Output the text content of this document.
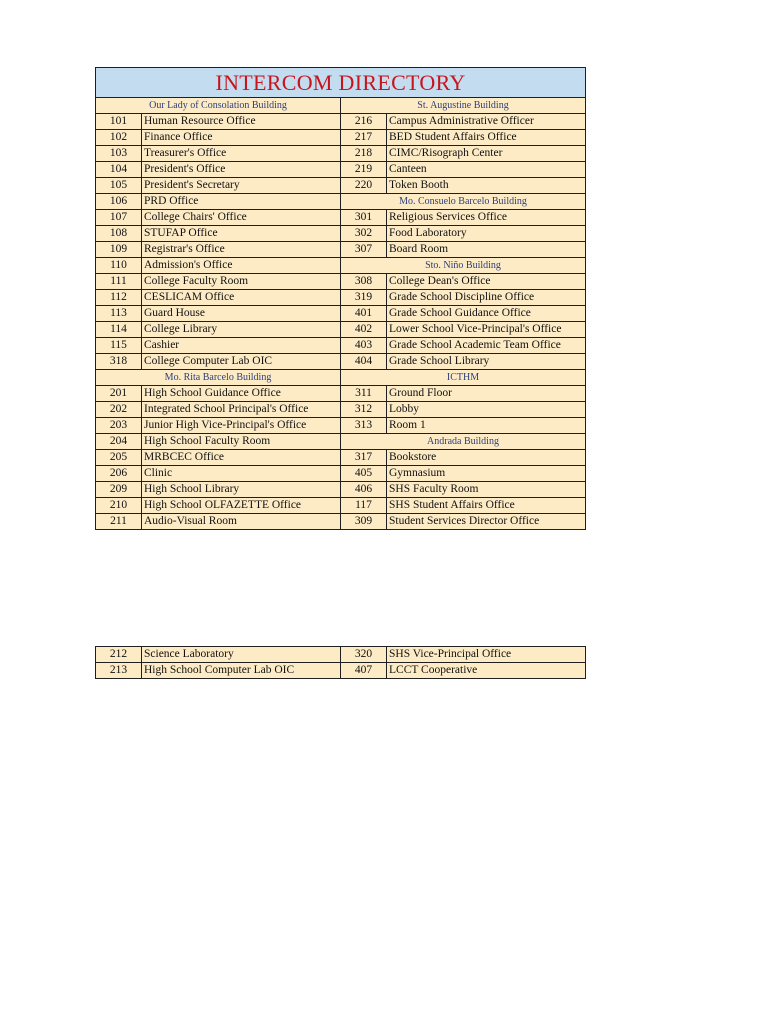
INTERCOM DIRECTORY			
Our Lady of Consolation Building		St. Augustine Building	
101	Human Resource Office	216	Campus Administrative Officer
102	Finance Office	217	BED Student Affairs Office
103	Treasurer's Office	218	CIMC/Risograph Center
104	President's Office	219	Canteen
105	President's Secretary	220	Token Booth
106	PRD Office	Mo. Consuelo Barcelo Building	
107	College Chairs' Office	301	Religious Services Office
108	STUFAP Office	302	Food Laboratory
109	Registrar's Office	307	Board Room
110	Admission's Office	Sto. Niño Building	
111	College Faculty Room	308	College Dean's Office
112	CESLICAM Office	319	Grade School Discipline Office
113	Guard House	401	Grade School Guidance Office
114	College Library	402	Lower School Vice-Principal's Office
115	Cashier	403	Grade School Academic Team Office
318	College Computer Lab OIC	404	Grade School Library
Mo. Rita Barcelo Building		ICTHM	
201	High School Guidance Office	311	Ground Floor
202	Integrated School Principal's Office	312	Lobby
203	Junior High Vice-Principal's Office	313	Room 1
204	High School Faculty Room	Andrada Building	
205	MRBCEC Office	317	Bookstore
206	Clinic	405	Gymnasium
209	High School Library	406	SHS Faculty Room
210	High School OLFAZETTE Office	117	SHS Student Affairs Office
211	Audio-Visual Room	309	Student Services Director Office
212	Science Laboratory	320	SHS Vice-Principal Office
213	High School Computer Lab OIC	407	LCCT Cooperative
